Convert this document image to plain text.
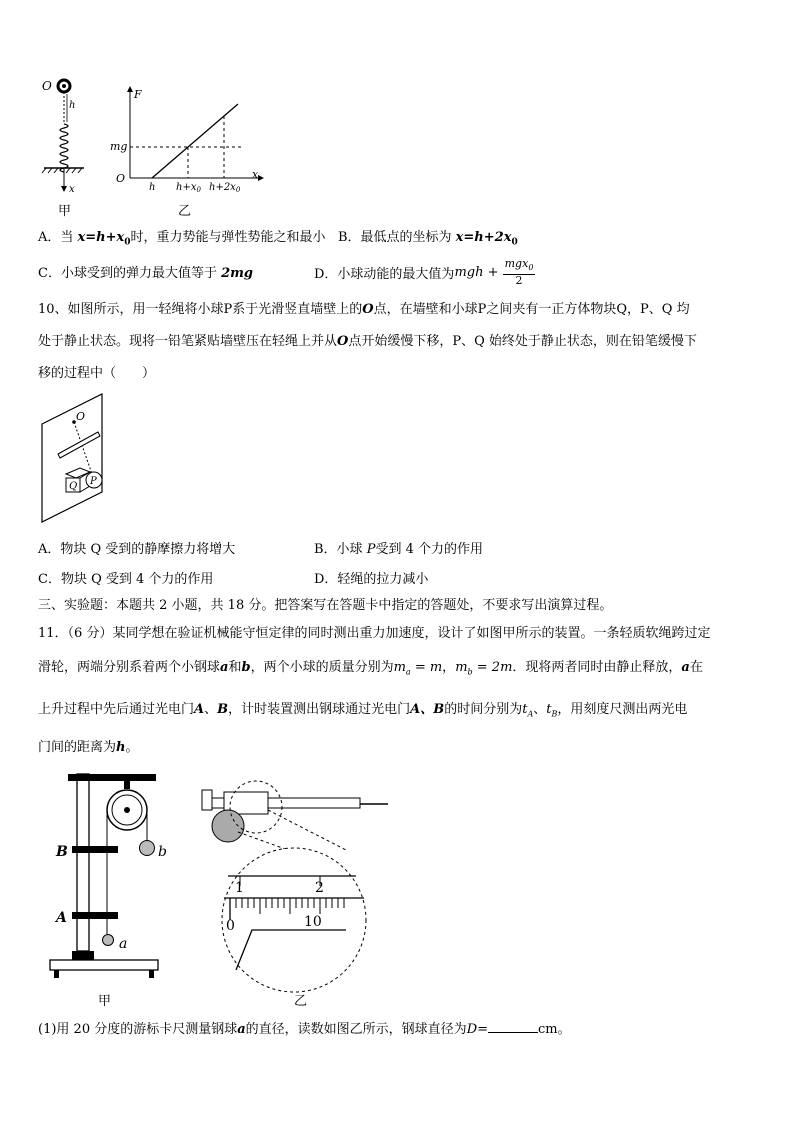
O
h
x
甲
F
mg
O	x
h $h+x_0$ $h+2x_0$
乙
A．当 $x=h+x_0$时，重力势能与弹性势能之和最小 B．最低点的坐标为 $x=h+2x_0$
C．小球受到的弹力最大值等于 2mg	D．小球动能的最大值为mgh + $\frac{mgx_0}{2}$
10、如图所示，用一轻绳将小球P系于光滑竖直墙壁上的O点，在墙壁和小球P之间夹有一正方体物块Q，P、Q 均
处于静止状态。现将一铅笔紧贴墙壁压在轻绳上并从O点开始缓慢下移，P、Q 始终处于静止状态，则在铅笔缓慢下
移的过程中（　　）
O
Q P
A．物块 Q 受到的静摩擦力将增大	B．小球 P受到 4 个力的作用
C．物块 Q 受到 4 个力的作用	D．轻绳的拉力减小
三、实验题：本题共 2 小题，共 18 分。把答案写在答题卡中指定的答题处，不要求写出演算过程。
11．（6 分）某同学想在验证机械能守恒定律的同时测出重力加速度，设计了如图甲所示的装置。一条轻质软绳跨过定
滑轮，两端分别系着两个小钢球a和b，两个小球的质量分别为$m_a = m$，$m_b = 2m$．现将两者同时由静止释放，a在
上升过程中先后通过光电门A、B，计时装置测出钢球通过光电门A、B的时间分别为$t_A$、$t_B$，用刻度尺测出两光电
门间的距离为h。
B
A
b
a
甲
1	2
0	10
乙
(1)用 20 分度的游标卡尺测量钢球a的直径，读数如图乙所示，钢球直径为D=	cm。
